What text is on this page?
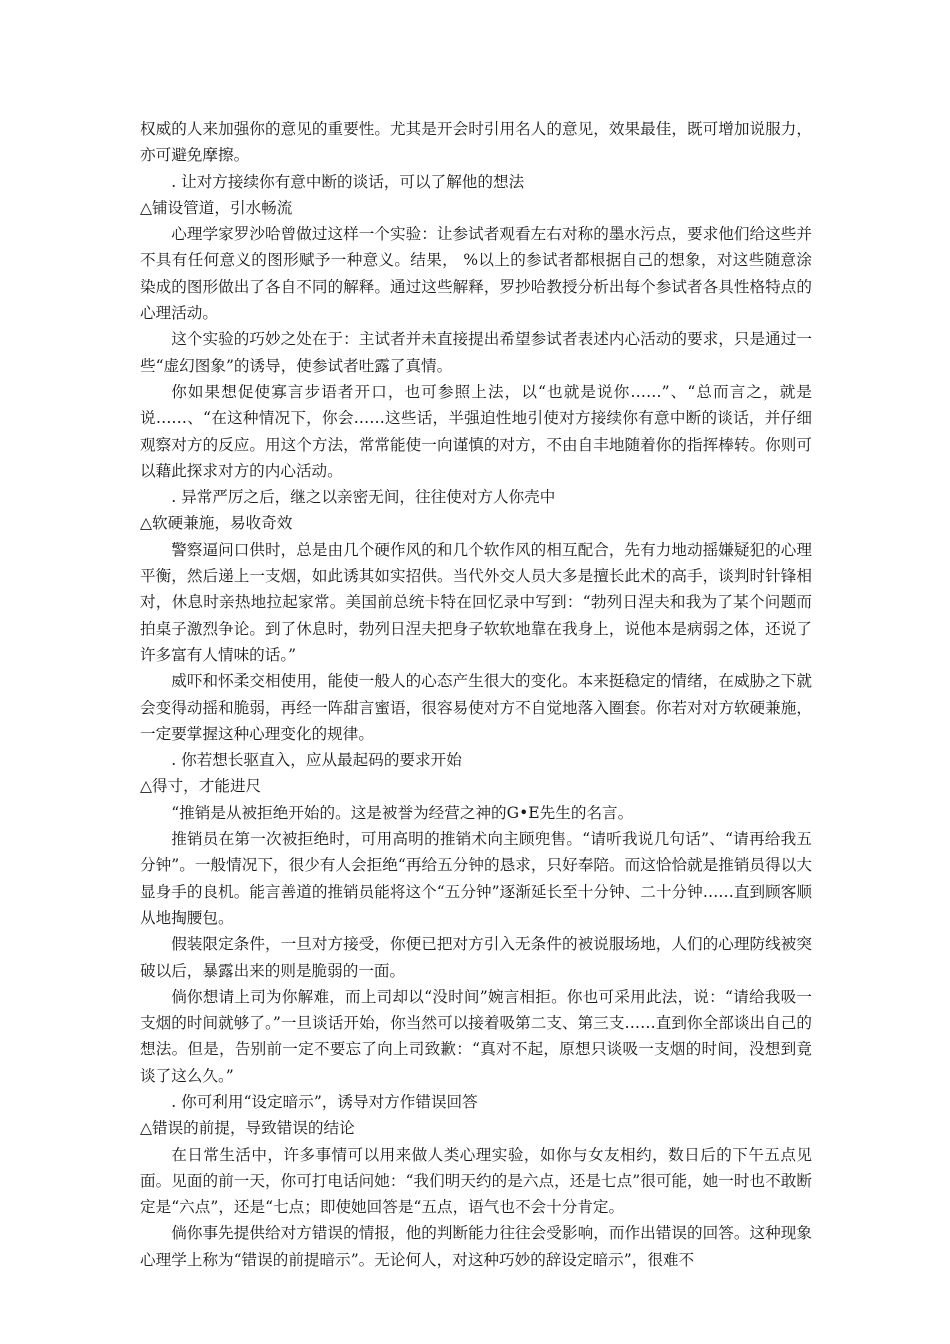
权威的人来加强你的意见的重要性。尤其是开会时引用名人的意见，效果最佳，既可增加说服力，亦可避免摩擦。

. 让对方接续你有意中断的谈话，可以了解他的想法

△铺设管道，引水畅流

心理学家罗沙哈曾做过这样一个实验：让参试者观看左右对称的墨水污点，要求他们给这些并不具有任何意义的图形赋予一种意义。结果， %以上的参试者都根据自己的想象，对这些随意涂染成的图形做出了各自不同的解释。通过这些解释，罗抄哈教授分析出每个参试者各具性格特点的心理活动。

这个实验的巧妙之处在于：主试者并未直接提出希望参试者表述内心活动的要求，只是通过一些“虚幻图象”的诱导，使参试者吐露了真情。

你如果想促使寡言步语者开口，也可参照上法，以“也就是说你……”、“总而言之，就是说……、“在这种情况下，你会……这些话，半强迫性地引使对方接续你有意中断的谈话，并仔细观察对方的反应。用这个方法，常常能使一向谨慎的对方，不由自丰地随着你的指挥棒转。你则可以藉此探求对方的内心活动。

. 异常严厉之后，继之以亲密无间，往往使对方人你壳中

△软硬兼施，易收奇效

警察逼问口供时，总是由几个硬作风的和几个软作风的相互配合，先有力地动摇嫌疑犯的心理平衡，然后递上一支烟，如此诱其如实招供。当代外交人员大多是擅长此术的高手，谈判时针锋相对，休息时亲热地拉起家常。美国前总统卡特在回忆录中写到：“勃列日涅夫和我为了某个问题而拍桌子激烈争论。到了休息时，勃列日涅夫把身子软软地靠在我身上，说他本是病弱之体，还说了许多富有人情味的话。”

威吓和怀柔交相使用，能使一般人的心态产生很大的变化。本来挺稳定的情绪，在威胁之下就会变得动摇和脆弱，再经一阵甜言蜜语，很容易使对方不自觉地落入圈套。你若对对方软硬兼施，一定要掌握这种心理变化的规律。

. 你若想长驱直入，应从最起码的要求开始

△得寸，才能进尺

“推销是从被拒绝开始的。这是被誉为经营之神的G•E先生的名言。

推销员在第一次被拒绝时，可用高明的推销术向主顾兜售。“请听我说几句话”、“请再给我五分钟”。一般情况下，很少有人会拒绝“再给五分钟的恳求，只好奉陪。而这恰恰就是推销员得以大显身手的良机。能言善道的推销员能将这个“五分钟”逐渐延长至十分钟、二十分钟……直到顾客顺从地掏腰包。

假装限定条件，一旦对方接受，你便已把对方引入无条件的被说服场地，人们的心理防线被突破以后，暴露出来的则是脆弱的一面。

倘你想请上司为你解难，而上司却以“没时间”婉言相拒。你也可采用此法，说：“请给我吸一支烟的时间就够了。”一旦谈话开始，你当然可以接着吸第二支、第三支……直到你全部谈出自己的想法。但是，告别前一定不要忘了向上司致歉：“真对不起，原想只谈吸一支烟的时间，没想到竟谈了这么久。”

. 你可利用“设定暗示”，诱导对方作错误回答

△错误的前提，导致错误的结论

在日常生活中，许多事情可以用来做人类心理实验，如你与女友相约，数日后的下午五点见面。见面的前一天，你可打电话问她：“我们明天约的是六点，还是七点”很可能，她一时也不敢断定是“六点”，还是“七点；即使她回答是“五点，语气也不会十分肯定。

倘你事先提供给对方错误的情报，他的判断能力往往会受影响，而作出错误的回答。这种现象心理学上称为“错误的前提暗示”。无论何人，对这种巧妙的辞设定暗示”，很难不
